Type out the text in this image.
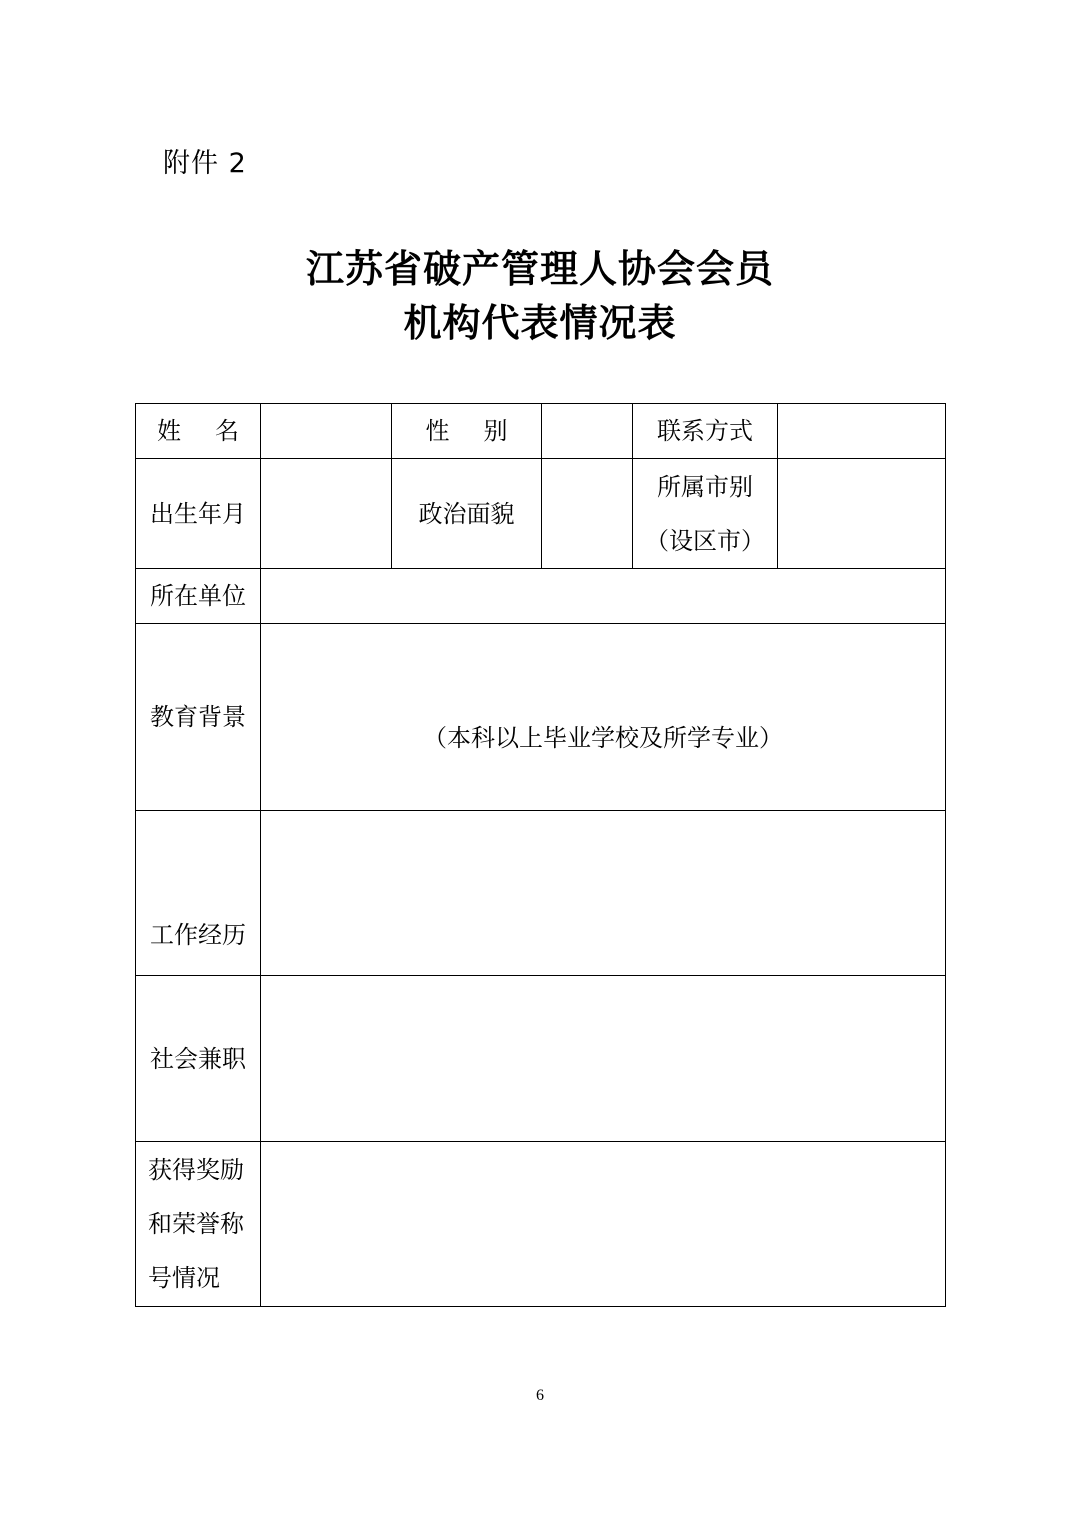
附件 2
江苏省破产管理人协会会员
机构代表情况表
姓 名		性 别		联系方式	
出生年月		政治面貌		所属市别
（设区市）	

所在单位					
教育背景	（本科以上毕业学校及所学专业）				

工作经历					

社会兼职					
获得奖励和荣誉称号情况					
6
